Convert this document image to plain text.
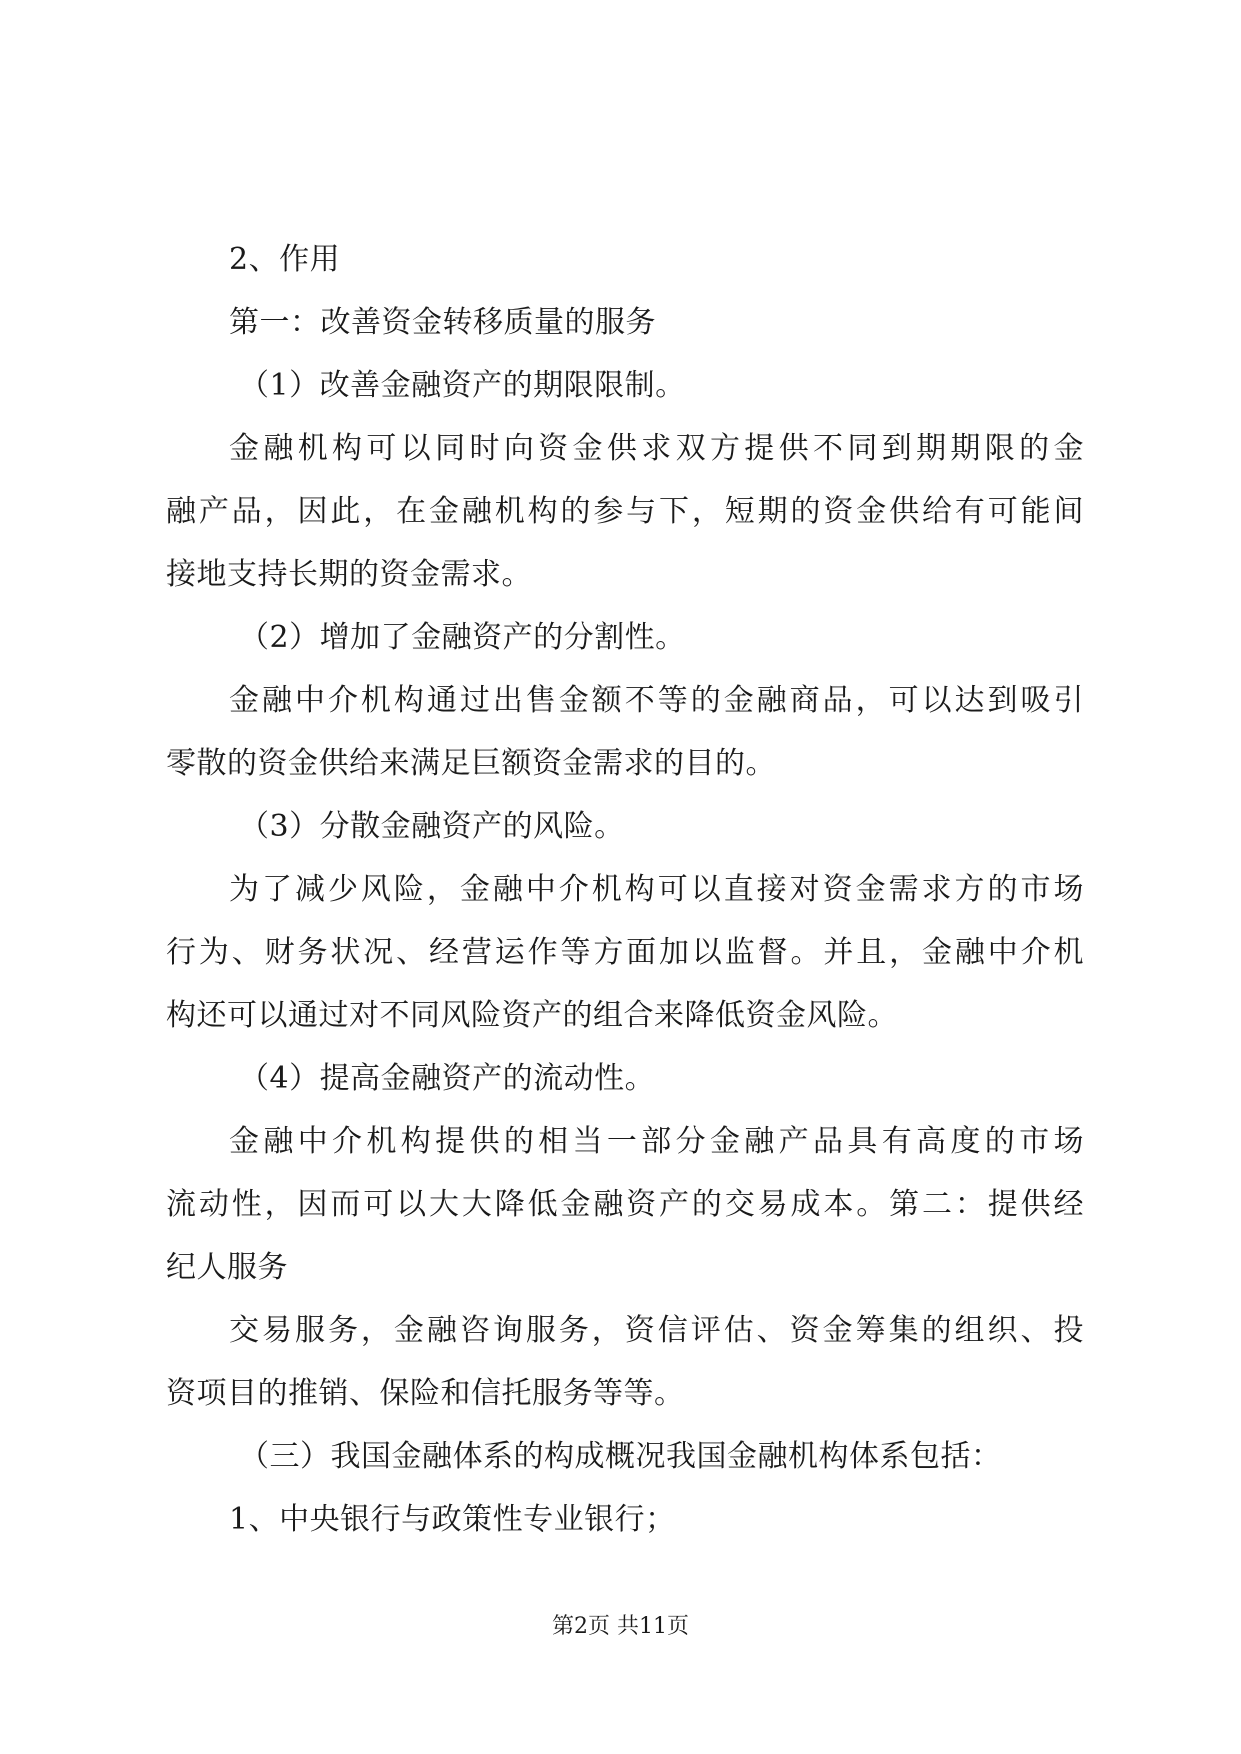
2、作用
第一：改善资金转移质量的服务
（1）改善金融资产的期限限制。
金融机构可以同时向资金供求双方提供不同到期期限的金
融产品，因此，在金融机构的参与下，短期的资金供给有可能间
接地支持长期的资金需求。
（2）增加了金融资产的分割性。
金融中介机构通过出售金额不等的金融商品，可以达到吸引
零散的资金供给来满足巨额资金需求的目的。
（3）分散金融资产的风险。
为了减少风险，金融中介机构可以直接对资金需求方的市场
行为、财务状况、经营运作等方面加以监督。并且，金融中介机
构还可以通过对不同风险资产的组合来降低资金风险。
（4）提高金融资产的流动性。
金融中介机构提供的相当一部分金融产品具有高度的市场
流动性，因而可以大大降低金融资产的交易成本。第二：提供经
纪人服务
交易服务，金融咨询服务，资信评估、资金筹集的组织、投
资项目的推销、保险和信托服务等等。
（三）我国金融体系的构成概况我国金融机构体系包括：
1、中央银行与政策性专业银行；
第2页 共11页
